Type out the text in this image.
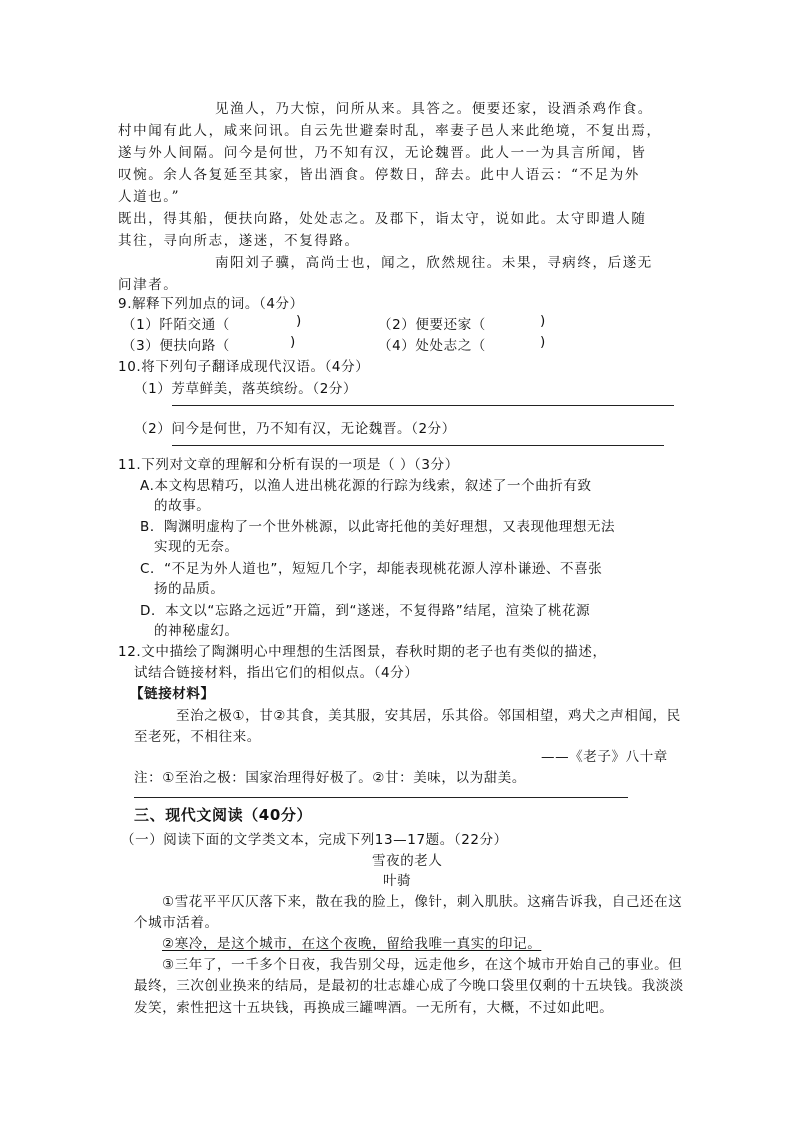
见渔人，乃大惊，问所从来。具答之。便要还家，设酒杀鸡作食。
村中闻有此人，咸来问讯。自云先世避秦时乱，率妻子邑人来此绝境，不复出焉，
遂与外人间隔。问今是何世，乃不知有汉，无论魏晋。此人一一为具言所闻，皆
叹惋。余人各复延至其家，皆出酒食。停数日，辞去。此中人语云：“不足为外
人道也。”
既出，得其船，便扶向路，处处志之。及郡下，诣太守，说如此。太守即遣人随
其往，寻向所志，遂迷，不复得路。
南阳刘子骥，高尚士也，闻之，欣然规往。未果，寻病终，后遂无
问津者。
9.解释下列加点的词。（4分）
（1）阡陌交通（	)	（2）便要还家（	)
（3）便扶向路（	)	（4）处处志之（	)
10.将下列句子翻译成现代汉语。（4分）
（1）芳草鲜美，落英缤纷。（2分）
（2）问今是何世，乃不知有汉，无论魏晋。（2分）
11.下列对文章的理解和分析有误的一项是（ ）（3分）
A.本文构思精巧，以渔人进出桃花源的行踪为线索，叙述了一个曲折有致
的故事。
B．陶渊明虚构了一个世外桃源，以此寄托他的美好理想，又表现他理想无法
实现的无奈。
C．“不足为外人道也”，短短几个字，却能表现桃花源人淳朴谦逊、不喜张
扬的品质。
D．本文以“忘路之远近”开篇，到“遂迷，不复得路”结尾，渲染了桃花源
的神秘虚幻。
12.文中描绘了陶渊明心中理想的生活图景，春秋时期的老子也有类似的描述，
试结合链接材料，指出它们的相似点。（4分）
【链接材料】
至治之极①，甘②其食，美其服，安其居，乐其俗。邻国相望，鸡犬之声相闻，民
至老死，不相往来。
——《老子》八十章
注：①至治之极：国家治理得好极了。②甘：美味，以为甜美。
三、现代文阅读（40分）
（一）阅读下面的文学类文本，完成下列13—17题。（22分）
雪夜的老人
叶骑
①雪花平平仄仄落下来，散在我的脸上，像针，刺入肌肤。这痛告诉我，自己还在这
个城市活着。
②寒冷，是这个城市，在这个夜晚，留给我唯一真实的印记。
③三年了，一千多个日夜，我告别父母，远走他乡，在这个城市开始自己的事业。但
最终，三次创业换来的结局，是最初的壮志雄心成了今晚口袋里仅剩的十五块钱。我淡淡
发笑，索性把这十五块钱，再换成三罐啤酒。一无所有，大概，不过如此吧。
